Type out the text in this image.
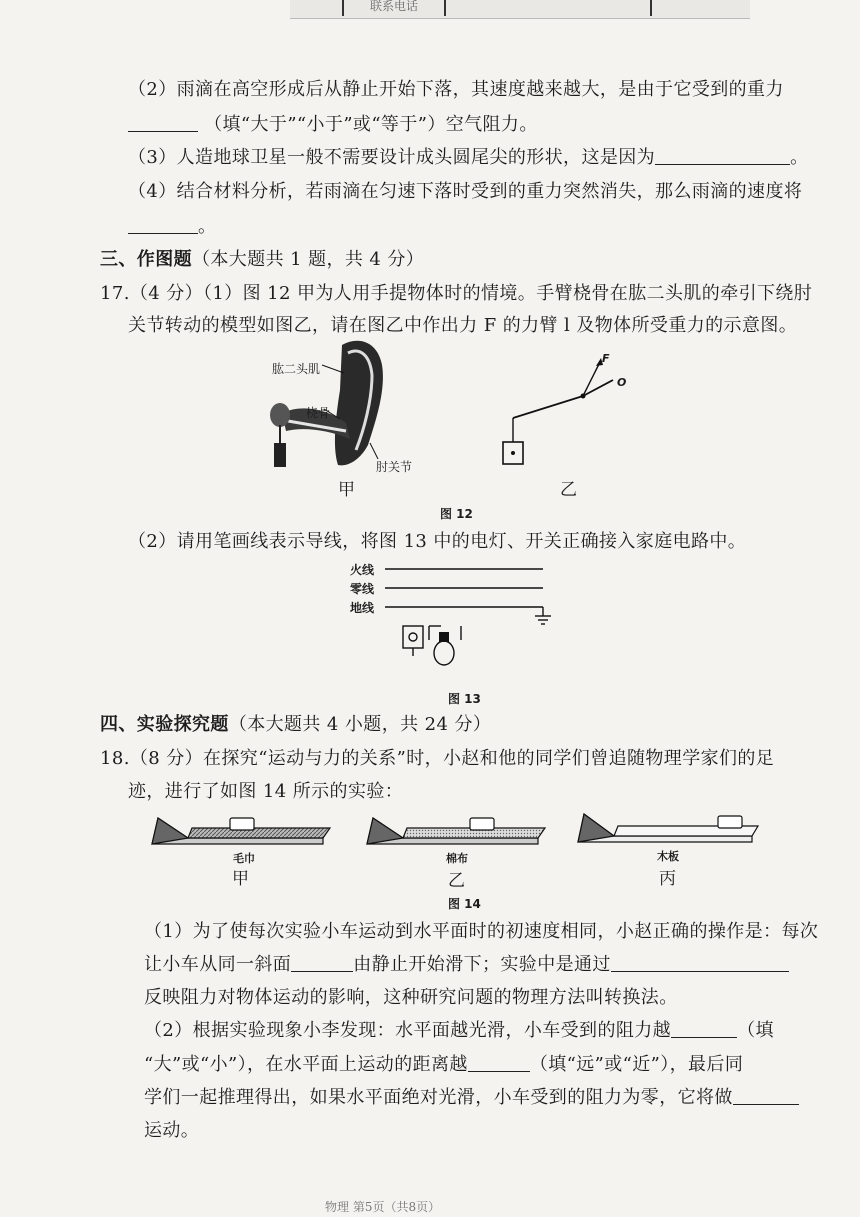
联系电话
（2）雨滴在高空形成后从静止开始下落，其速度越来越大，是由于它受到的重力
（填“大于”“小于”或“等于”）空气阻力。
（3）人造地球卫星一般不需要设计成头圆尾尖的形状，这是因为	。
（4）结合材料分析，若雨滴在匀速下落时受到的重力突然消失，那么雨滴的速度将
。
三、作图题（本大题共 1 题，共 4 分）
17.（4 分）（1）图 12 甲为人用手提物体时的情境。手臂桡骨在肱二头肌的牵引下绕肘
关节转动的模型如图乙，请在图乙中作出力 F 的力臂 l 及物体所受重力的示意图。
肱二头肌
桡骨
肘关节
甲
F
O
乙
图 12
（2）请用笔画线表示导线，将图 13 中的电灯、开关正确接入家庭电路中。
火线
零线
地线
图 13
四、实验探究题（本大题共 4 小题，共 24 分）
18.（8 分）在探究“运动与力的关系”时，小赵和他的同学们曾追随物理学家们的足
迹，进行了如图 14 所示的实验：
毛巾	棉布	木板
甲	乙	丙
图 14
（1）为了使每次实验小车运动到水平面时的初速度相同，小赵正确的操作是：每次
让小车从同一斜面	由静止开始滑下；实验中是通过
反映阻力对物体运动的影响，这种研究问题的物理方法叫转换法。
（2）根据实验现象小李发现：水平面越光滑，小车受到的阻力越	（填
“大”或“小”），在水平面上运动的距离越	（填“远”或“近”），最后同
学们一起推理得出，如果水平面绝对光滑，小车受到的阻力为零，它将做
运动。
物理 第5页（共8页）
